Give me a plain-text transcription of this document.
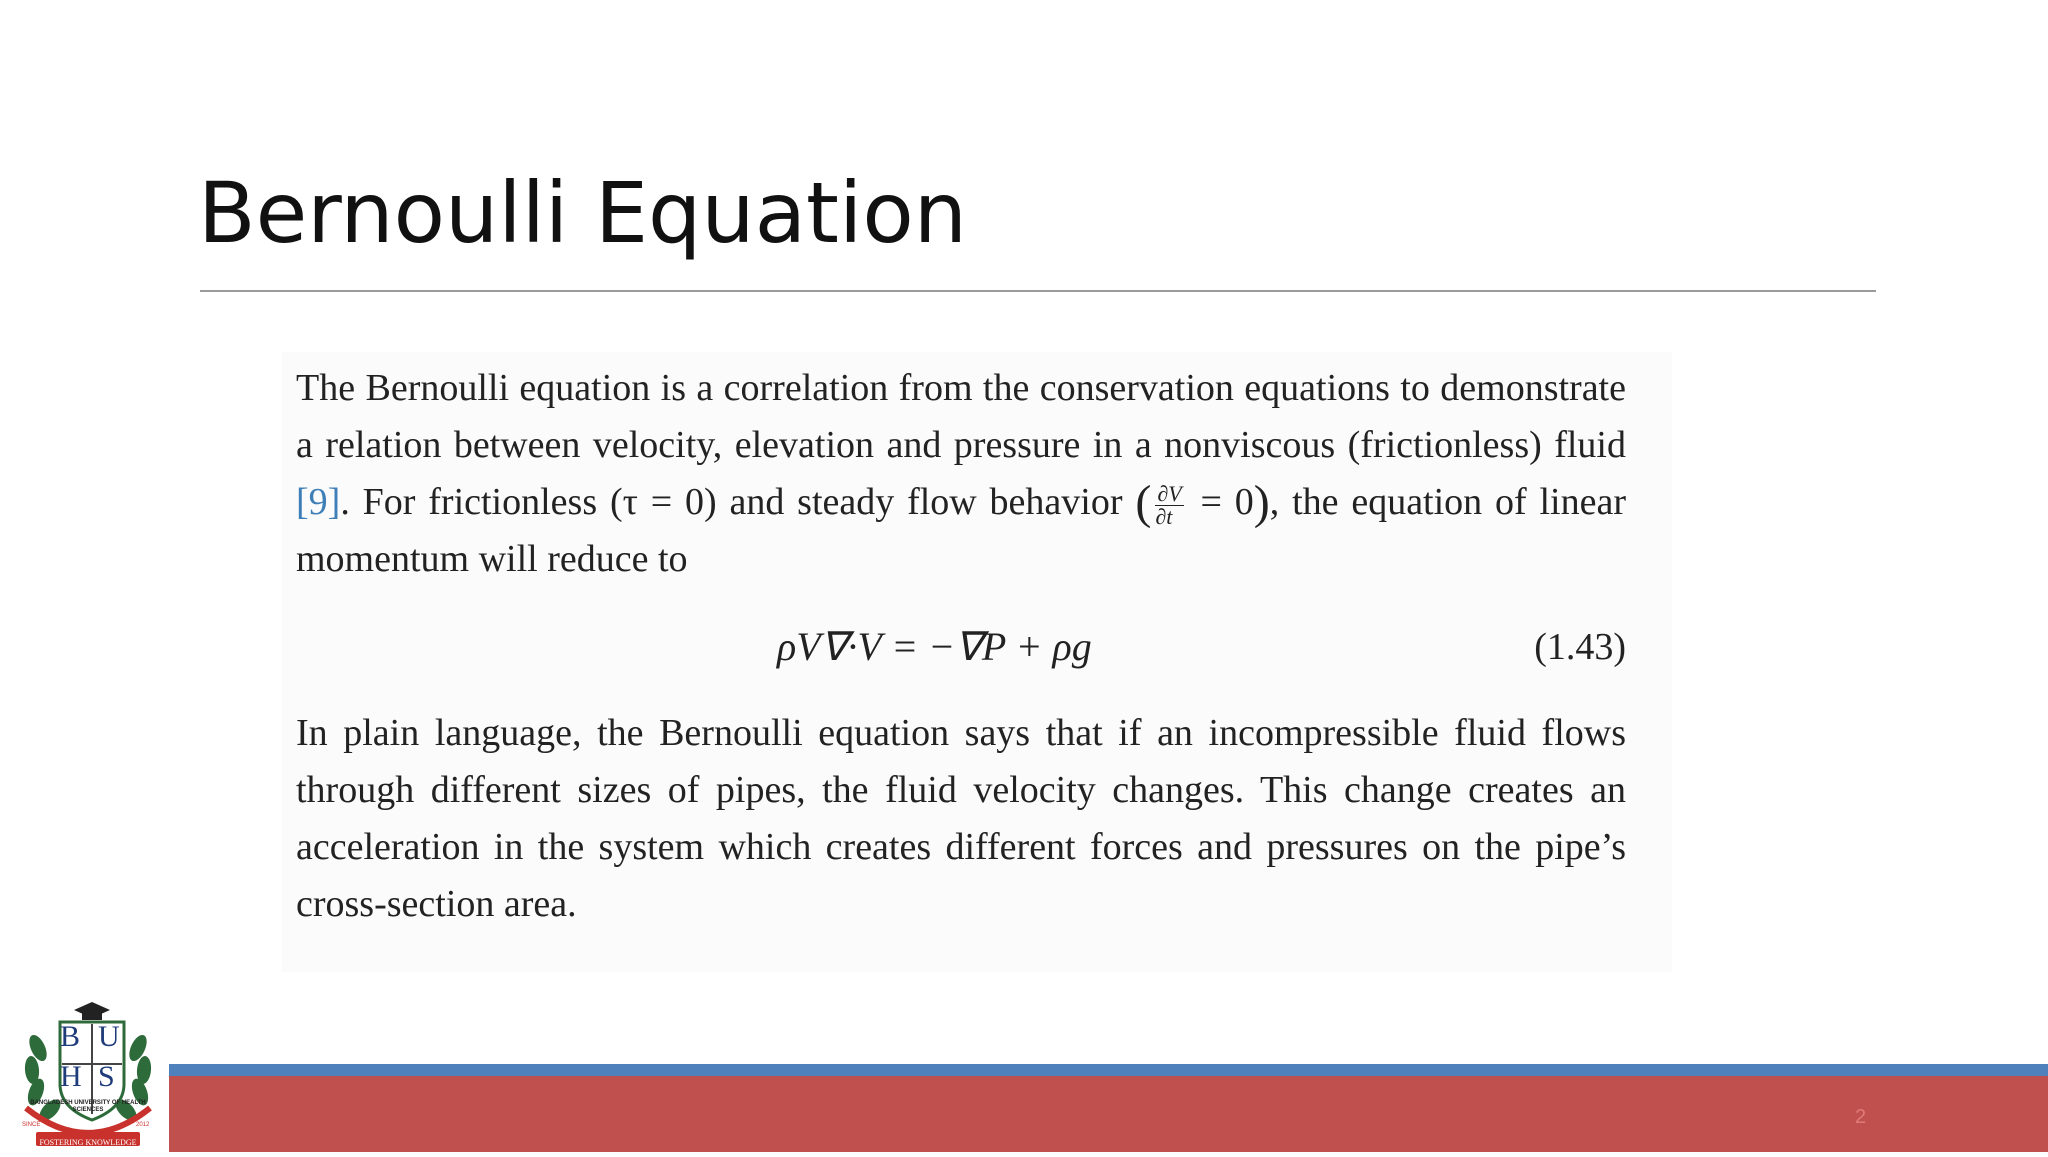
Bernoulli Equation
The Bernoulli equation is a correlation from the conservation equations to demonstrate a relation between velocity, elevation and pressure in a nonviscous (frictionless) fluid [9]. For frictionless (τ = 0) and steady flow behavior ( $\frac{\partial V}{\partial t} = 0$), the equation of linear momentum will reduce to
ρV∇·V = −∇P + ρg	(1.43)
In plain language, the Bernoulli equation says that if an incompressible fluid flows through different sizes of pipes, the fluid velocity changes. This change creates an acceleration in the system which creates different forces and pressures on the pipe’s cross-section area.
B U
H S
BANGLADESH UNIVERSITY OF HEALTH SCIENCES
SINCE	2012
FOSTERING KNOWLEDGE
2
